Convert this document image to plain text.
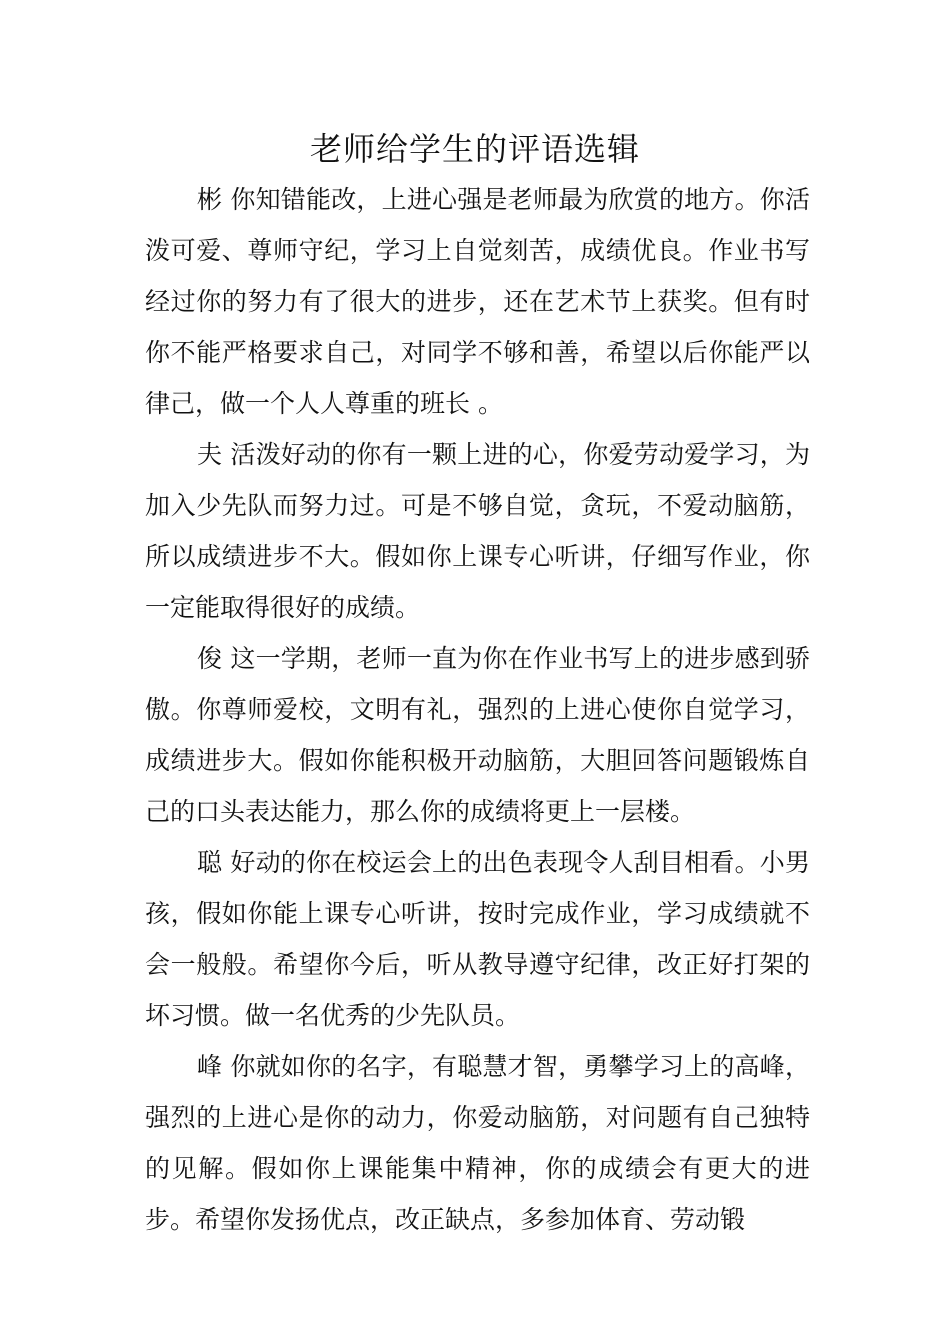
老师给学生的评语选辑

彬 你知错能改，上进心强是老师最为欣赏的地方。你活泼可爱、尊师守纪，学习上自觉刻苦，成绩优良。作业书写经过你的努力有了很大的进步，还在艺术节上获奖。但有时你不能严格要求自己，对同学不够和善，希望以后你能严以律己，做一个人人尊重的班长 。

夫 活泼好动的你有一颗上进的心，你爱劳动爱学习，为加入少先队而努力过。可是不够自觉，贪玩，不爱动脑筋，所以成绩进步不大。假如你上课专心听讲，仔细写作业，你一定能取得很好的成绩。

俊 这一学期，老师一直为你在作业书写上的进步感到骄傲。你尊师爱校，文明有礼，强烈的上进心使你自觉学习，成绩进步大。假如你能积极开动脑筋，大胆回答问题锻炼自己的口头表达能力，那么你的成绩将更上一层楼。

聪 好动的你在校运会上的出色表现令人刮目相看。小男孩，假如你能上课专心听讲，按时完成作业，学习成绩就不会一般般。希望你今后，听从教导遵守纪律，改正好打架的坏习惯。做一名优秀的少先队员。

峰 你就如你的名字，有聪慧才智，勇攀学习上的高峰，强烈的上进心是你的动力，你爱动脑筋，对问题有自己独特的见解。假如你上课能集中精神，你的成绩会有更大的进步。希望你发扬优点，改正缺点，多参加体育、劳动锻
